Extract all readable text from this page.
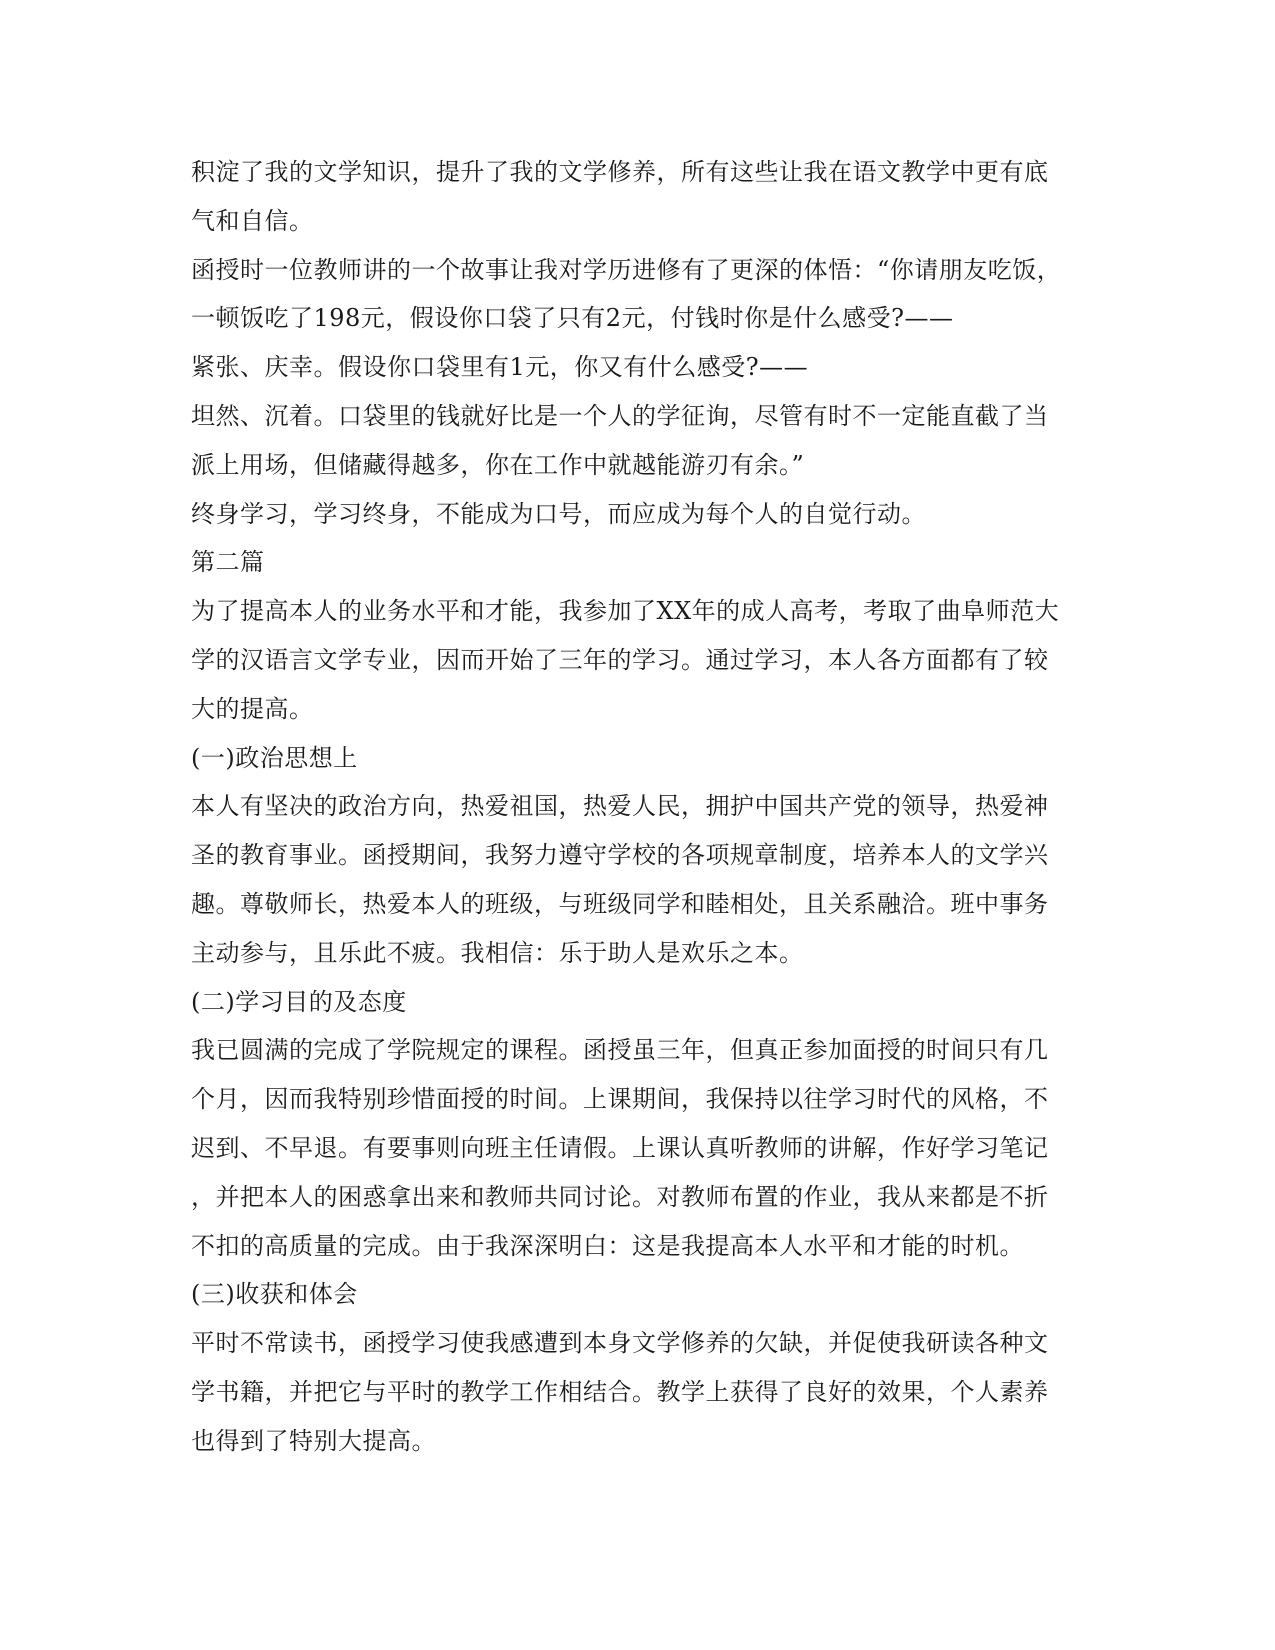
积淀了我的文学知识，提升了我的文学修养，所有这些让我在语文教学中更有底
气和自信。
函授时一位教师讲的一个故事让我对学历进修有了更深的体悟：“你请朋友吃饭，
一顿饭吃了198元，假设你口袋了只有2元，付钱时你是什么感受?——
紧张、庆幸。假设你口袋里有1元，你又有什么感受?——
坦然、沉着。口袋里的钱就好比是一个人的学征询，尽管有时不一定能直截了当
派上用场，但储藏得越多，你在工作中就越能游刃有余。”
终身学习，学习终身，不能成为口号，而应成为每个人的自觉行动。
第二篇
为了提高本人的业务水平和才能，我参加了XX年的成人高考，考取了曲阜师范大
学的汉语言文学专业，因而开始了三年的学习。通过学习，本人各方面都有了较
大的提高。
(一)政治思想上
本人有坚决的政治方向，热爱祖国，热爱人民，拥护中国共产党的领导，热爱神
圣的教育事业。函授期间，我努力遵守学校的各项规章制度，培养本人的文学兴
趣。尊敬师长，热爱本人的班级，与班级同学和睦相处，且关系融洽。班中事务
主动参与，且乐此不疲。我相信：乐于助人是欢乐之本。
(二)学习目的及态度
我已圆满的完成了学院规定的课程。函授虽三年，但真正参加面授的时间只有几
个月，因而我特别珍惜面授的时间。上课期间，我保持以往学习时代的风格，不
迟到、不早退。有要事则向班主任请假。上课认真听教师的讲解，作好学习笔记
，并把本人的困惑拿出来和教师共同讨论。对教师布置的作业，我从来都是不折
不扣的高质量的完成。由于我深深明白：这是我提高本人水平和才能的时机。
(三)收获和体会
平时不常读书，函授学习使我感遭到本身文学修养的欠缺，并促使我研读各种文
学书籍，并把它与平时的教学工作相结合。教学上获得了良好的效果，个人素养
也得到了特别大提高。
